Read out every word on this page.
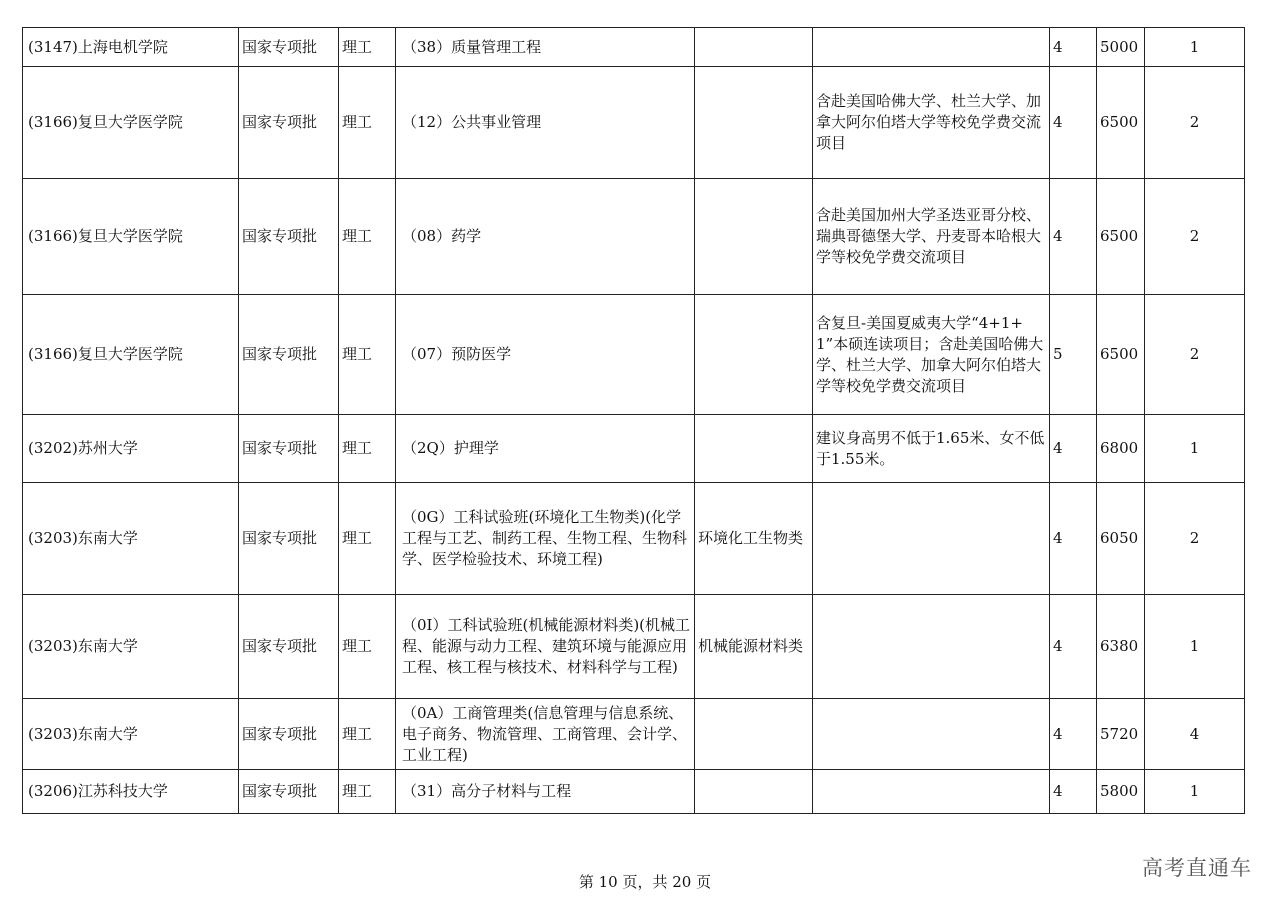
(3147)上海电机学院	国家专项批	理工	（38）质量管理工程			4	5000	1
(3166)复旦大学医学院	国家专项批	理工	（12）公共事业管理		含赴美国哈佛大学、杜兰大学、加拿大阿尔伯塔大学等校免学费交流项目	4	6500	2
(3166)复旦大学医学院	国家专项批	理工	（08）药学		含赴美国加州大学圣迭亚哥分校、瑞典哥德堡大学、丹麦哥本哈根大学等校免学费交流项目	4	6500	2
(3166)复旦大学医学院	国家专项批	理工	（07）预防医学		含复旦-美国夏威夷大学“4+1+1”本硕连读项目；含赴美国哈佛大学、杜兰大学、加拿大阿尔伯塔大学等校免学费交流项目	5	6500	2
(3202)苏州大学	国家专项批	理工	（2Q）护理学		建议身高男不低于1.65米、女不低于1.55米。	4	6800	1
(3203)东南大学	国家专项批	理工	（0G）工科试验班(环境化工生物类)(化学工程与工艺、制药工程、生物工程、生物科学、医学检验技术、环境工程)	环境化工生物类		4	6050	2
(3203)东南大学	国家专项批	理工	（0I）工科试验班(机械能源材料类)(机械工程、能源与动力工程、建筑环境与能源应用工程、核工程与核技术、材料科学与工程)	机械能源材料类		4	6380	1
(3203)东南大学	国家专项批	理工	（0A）工商管理类(信息管理与信息系统、电子商务、物流管理、工商管理、会计学、工业工程)			4	5720	4
(3206)江苏科技大学	国家专项批	理工	（31）高分子材料与工程			4	5800	1
第 10 页，共 20 页
高考直通车
